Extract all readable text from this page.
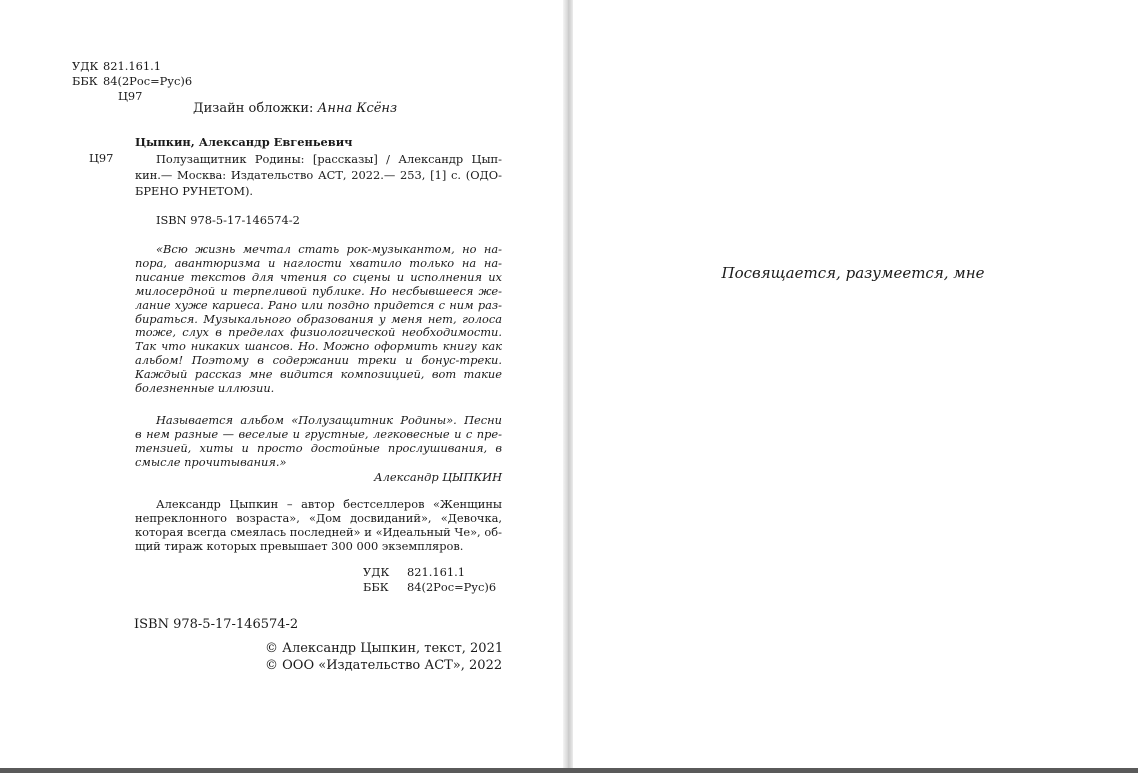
УДК 821.161.1
ББК 84(2Рос=Рус)6
Ц97
Дизайн обложки: Анна Ксёнз
Цыпкин, Александр Евгеньевич
Ц97	Полузащитник Родины: [рассказы] / Александр Цып-
кин.— Москва: Издательство АСТ, 2022.— 253, [1] с. (ОДО-
БРЕНО РУНЕТОМ).
ISBN 978-5-17-146574-2
«Всю жизнь мечтал стать рок-музыкантом, но на-
пора, авантюризма и наглости хватило только на на-
писание текстов для чтения со сцены и исполнения их
милосердной и терпеливой публике. Но несбывшееся же-
лание хуже кариеса. Рано или поздно придется с ним раз-
бираться. Музыкального образования у меня нет, голоса
тоже, слух в пределах физиологической необходимости.
Так что никаких шансов. Но. Можно оформить книгу как
альбом! Поэтому в содержании треки и бонус-треки.
Каждый рассказ мне видится композицией, вот такие
болезненные иллюзии.
Называется альбом «Полузащитник Родины». Песни
в нем разные — веселые и грустные, легковесные и с пре-
тензией, хиты и просто достойные прослушивания, в
смысле прочитывания.»
Александр ЦЫПКИН
Александр Цыпкин – автор бестселлеров «Женщины
непреклонного возраста», «Дом досвиданий», «Девочка,
которая всегда смеялась последней» и «Идеальный Че», об-
щий тираж которых превышает 300 000 экземпляров.
УДК 821.161.1
ББК 84(2Рос=Рус)6
ISBN 978-5-17-146574-2
© Александр Цыпкин, текст, 2021
© ООО «Издательство АСТ», 2022
Посвящается, разумеется, мне
